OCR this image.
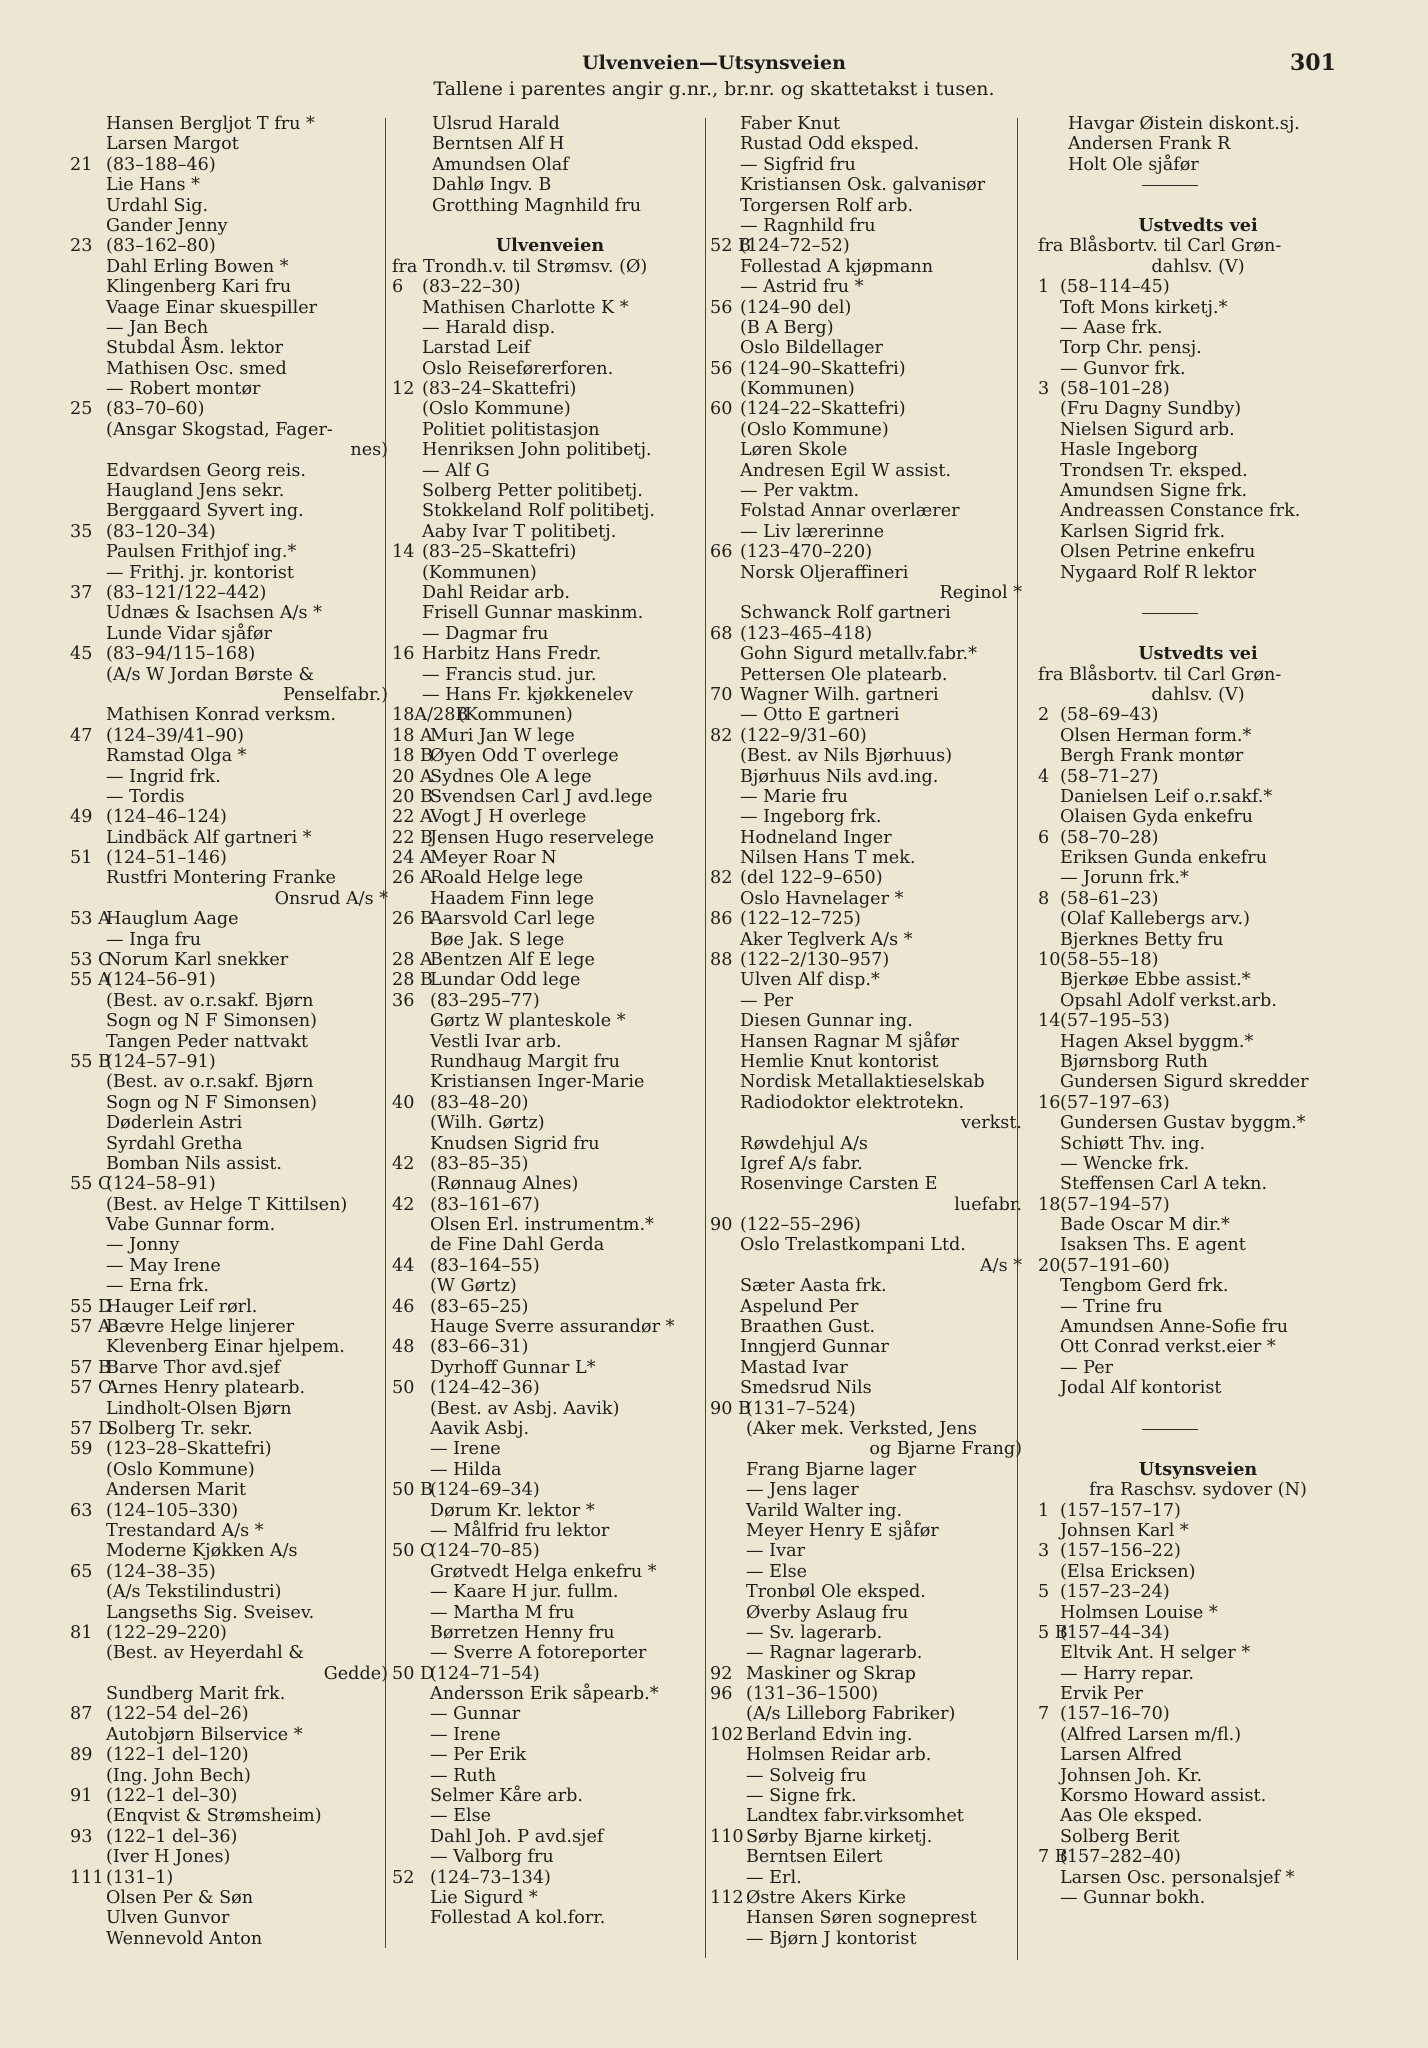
Ulvenveien—Utsynsveien
Tallene i parentes angir g.nr., br.nr. og skattetakst i tusen.
301
Hansen Bergljot T fru *
Larsen Margot
21 (83–188–46)
Lie Hans *
Urdahl Sig.
Gander Jenny
23 (83–162–80)
Dahl Erling Bowen *
Klingenberg Kari fru
Vaage Einar skuespiller
— Jan Bech
Stubdal Åsm. lektor
Mathisen Osc. smed
— Robert montør
25 (83–70–60)
(Ansgar Skogstad, Fager-
nes)
Edvardsen Georg reis.
Haugland Jens sekr.
Berggaard Syvert ing.
35 (83–120–34)
Paulsen Frithjof ing.*
— Frithj. jr. kontorist
37 (83–121/122–442)
Udnæs & Isachsen A/s *
Lunde Vidar sjåfør
45 (83–94/115–168)
(A/s W Jordan Børste &
Penselfabr.)
Mathisen Konrad verksm.
47 (124–39/41–90)
Ramstad Olga *
— Ingrid frk.
— Tordis
49 (124–46–124)
Lindbäck Alf gartneri *
51 (124–51–146)
Rustfri Montering Franke
Onsrud A/s *
53 A
Hauglum Aage
— Inga fru
53 C
Norum Karl snekker
55 A
(124–56–91)
(Best. av o.r.sakf. Bjørn
Sogn og N F Simonsen)
Tangen Peder nattvakt
55 B
(124–57–91)
(Best. av o.r.sakf. Bjørn
Sogn og N F Simonsen)
Døderlein Astri
Syrdahl Gretha
Bomban Nils assist.
55 C
(124–58–91)
(Best. av Helge T Kittilsen)
Vabe Gunnar form.
— Jonny
— May Irene
— Erna frk.
55 D
Hauger Leif rørl.
57 A
Bævre Helge linjerer
Klevenberg Einar hjelpem.
57 B
Barve Thor avd.sjef
57 C
Arnes Henry platearb.
Lindholt-Olsen Bjørn
57 D
Solberg Tr. sekr.
59 (123–28–Skattefri)
(Oslo Kommune)
Andersen Marit
63 (124–105–330)
Trestandard A/s *
Moderne Kjøkken A/s
65 (124–38–35)
(A/s Tekstilindustri)
Langseths Sig. Sveisev.
81 (122–29–220)
(Best. av Heyerdahl &
Gedde)
Sundberg Marit frk.
87 (122–54 del–26)
Autobjørn Bilservice *
89 (122–1 del–120)
(Ing. John Bech)
91 (122–1 del–30)
(Enqvist & Strømsheim)
93 (122–1 del–36)
(Iver H Jones)
111 (131–1)
Olsen Per & Søn
Ulven Gunvor
Wennevold Anton
Ulsrud Harald
Berntsen Alf H
Amundsen Olaf
Dahlø Ingv. B
Grotthing Magnhild fru
Ulvenveien
fra Trondh.v. til Strømsv. (Ø)
6 (83–22–30)
Mathisen Charlotte K *
— Harald disp.
Larstad Leif
Oslo Reiseførerforen.
12 (83–24–Skattefri)
(Oslo Kommune)
Politiet politistasjon
Henriksen John politibetj.
— Alf G
Solberg Petter politibetj.
Stokkeland Rolf politibetj.
Aaby Ivar T politibetj.
14 (83–25–Skattefri)
(Kommunen)
Dahl Reidar arb.
Frisell Gunnar maskinm.
— Dagmar fru
16 Harbitz Hans Fredr.
— Francis stud. jur.
— Hans Fr. kjøkkenelev
18A/28B
(Kommunen)
18 A
Muri Jan W lege
18 B
Øyen Odd T overlege
20 A
Sydnes Ole A lege
20 B
Svendsen Carl J avd.lege
22 A
Vogt J H overlege
22 B
Jensen Hugo reservelege
24 A
Meyer Roar N
26 A
Roald Helge lege
Haadem Finn lege
26 B
Aarsvold Carl lege
Bøe Jak. S lege
28 A
Bentzen Alf E lege
28 B
Lundar Odd lege
36 (83–295–77)
Gørtz W planteskole *
Vestli Ivar arb.
Rundhaug Margit fru
Kristiansen Inger-Marie
40 (83–48–20)
(Wilh. Gørtz)
Knudsen Sigrid fru
42 (83–85–35)
(Rønnaug Alnes)
42 (83–161–67)
Olsen Erl. instrumentm.*
de Fine Dahl Gerda
44 (83–164–55)
(W Gørtz)
46 (83–65–25)
Hauge Sverre assurandør *
48 (83–66–31)
Dyrhoff Gunnar L*
50 (124–42–36)
(Best. av Asbj. Aavik)
Aavik Asbj.
— Irene
— Hilda
50 B
(124–69–34)
Dørum Kr. lektor *
— Målfrid fru lektor
50 C
(124–70–85)
Grøtvedt Helga enkefru *
— Kaare H jur. fullm.
— Martha M fru
Børretzen Henny fru
— Sverre A fotoreporter
50 D
(124–71–54)
Andersson Erik såpearb.*
— Gunnar
— Irene
— Per Erik
— Ruth
Selmer Kåre arb.
— Else
Dahl Joh. P avd.sjef
— Valborg fru
52 (124–73–134)
Lie Sigurd *
Follestad A kol.forr.
Faber Knut
Rustad Odd eksped.
— Sigfrid fru
Kristiansen Osk. galvanisør
Torgersen Rolf arb.
— Ragnhild fru
52 B
(124–72–52)
Follestad A kjøpmann
— Astrid fru *
56 (124–90 del)
(B A Berg)
Oslo Bildellager
56 (124–90–Skattefri)
(Kommunen)
60 (124–22–Skattefri)
(Oslo Kommune)
Løren Skole
Andresen Egil W assist.
— Per vaktm.
Folstad Annar overlærer
— Liv lærerinne
66 (123–470–220)
Norsk Oljeraffineri
Reginol *
Schwanck Rolf gartneri
68 (123–465–418)
Gohn Sigurd metallv.fabr.*
Pettersen Ole platearb.
70 Wagner Wilh. gartneri
— Otto E gartneri
82 (122–9/31–60)
(Best. av Nils Bjørhuus)
Bjørhuus Nils avd.ing.
— Marie fru
— Ingeborg frk.
Hodneland Inger
Nilsen Hans T mek.
82 (del 122–9–650)
Oslo Havnelager *
86 (122–12–725)
Aker Teglverk A/s *
88 (122–2/130–957)
Ulven Alf disp.*
— Per
Diesen Gunnar ing.
Hansen Ragnar M sjåfør
Hemlie Knut kontorist
Nordisk Metallaktieselskab
Radiodoktor elektrotekn.
verkst.
Røwdehjul A/s
Igref A/s fabr.
Rosenvinge Carsten E
luefabr.
90 (122–55–296)
Oslo Trelastkompani Ltd.
A/s *
Sæter Aasta frk.
Aspelund Per
Braathen Gust.
Inngjerd Gunnar
Mastad Ivar
Smedsrud Nils
90 B
(131–7–524)
(Aker mek. Verksted, Jens
og Bjarne Frang)
Frang Bjarne lager
— Jens lager
Varild Walter ing.
Meyer Henry E sjåfør
— Ivar
— Else
Tronbøl Ole eksped.
Øverby Aslaug fru
— Sv. lagerarb.
— Ragnar lagerarb.
92 Maskiner og Skrap
96 (131–36–1500)
(A/s Lilleborg Fabriker)
102 Berland Edvin ing.
Holmsen Reidar arb.
— Solveig fru
— Signe frk.
Landtex fabr.virksomhet
110 Sørby Bjarne kirketj.
Berntsen Eilert
— Erl.
112 Østre Akers Kirke
Hansen Søren sogneprest
— Bjørn J kontorist
Havgar Øistein diskont.sj.
Andersen Frank R
Holt Ole sjåfør
Ustvedts vei
fra Blåsbortv. til Carl Grøn-
dahlsv. (V)
1 (58–114–45)
Toft Mons kirketj.*
— Aase frk.
Torp Chr. pensj.
— Gunvor frk.
3 (58–101–28)
(Fru Dagny Sundby)
Nielsen Sigurd arb.
Hasle Ingeborg
Trondsen Tr. eksped.
Amundsen Signe frk.
Andreassen Constance frk.
Karlsen Sigrid frk.
Olsen Petrine enkefru
Nygaard Rolf R lektor
Ustvedts vei
fra Blåsbortv. til Carl Grøn-
dahlsv. (V)
2 (58–69–43)
Olsen Herman form.*
Bergh Frank montør
4 (58–71–27)
Danielsen Leif o.r.sakf.*
Olaisen Gyda enkefru
6 (58–70–28)
Eriksen Gunda enkefru
— Jorunn frk.*
8 (58–61–23)
(Olaf Kallebergs arv.)
Bjerknes Betty fru
10 (58–55–18)
Bjerkøe Ebbe assist.*
Opsahl Adolf verkst.arb.
14 (57–195–53)
Hagen Aksel byggm.*
Bjørnsborg Ruth
Gundersen Sigurd skredder
16 (57–197–63)
Gundersen Gustav byggm.*
Schiøtt Thv. ing.
— Wencke frk.
Steffensen Carl A tekn.
18 (57–194–57)
Bade Oscar M dir.*
Isaksen Ths. E agent
20 (57–191–60)
Tengbom Gerd frk.
— Trine fru
Amundsen Anne-Sofie fru
Ott Conrad verkst.eier *
— Per
Jodal Alf kontorist
Utsynsveien
fra Raschsv. sydover (N)
1 (157–157–17)
Johnsen Karl *
3 (157–156–22)
(Elsa Ericksen)
5 (157–23–24)
Holmsen Louise *
5 B
(157–44–34)
Eltvik Ant. H selger *
— Harry repar.
Ervik Per
7 (157–16–70)
(Alfred Larsen m/fl.)
Larsen Alfred
Johnsen Joh. Kr.
Korsmo Howard assist.
Aas Ole eksped.
Solberg Berit
7 B
(157–282–40)
Larsen Osc. personalsjef *
— Gunnar bokh.
